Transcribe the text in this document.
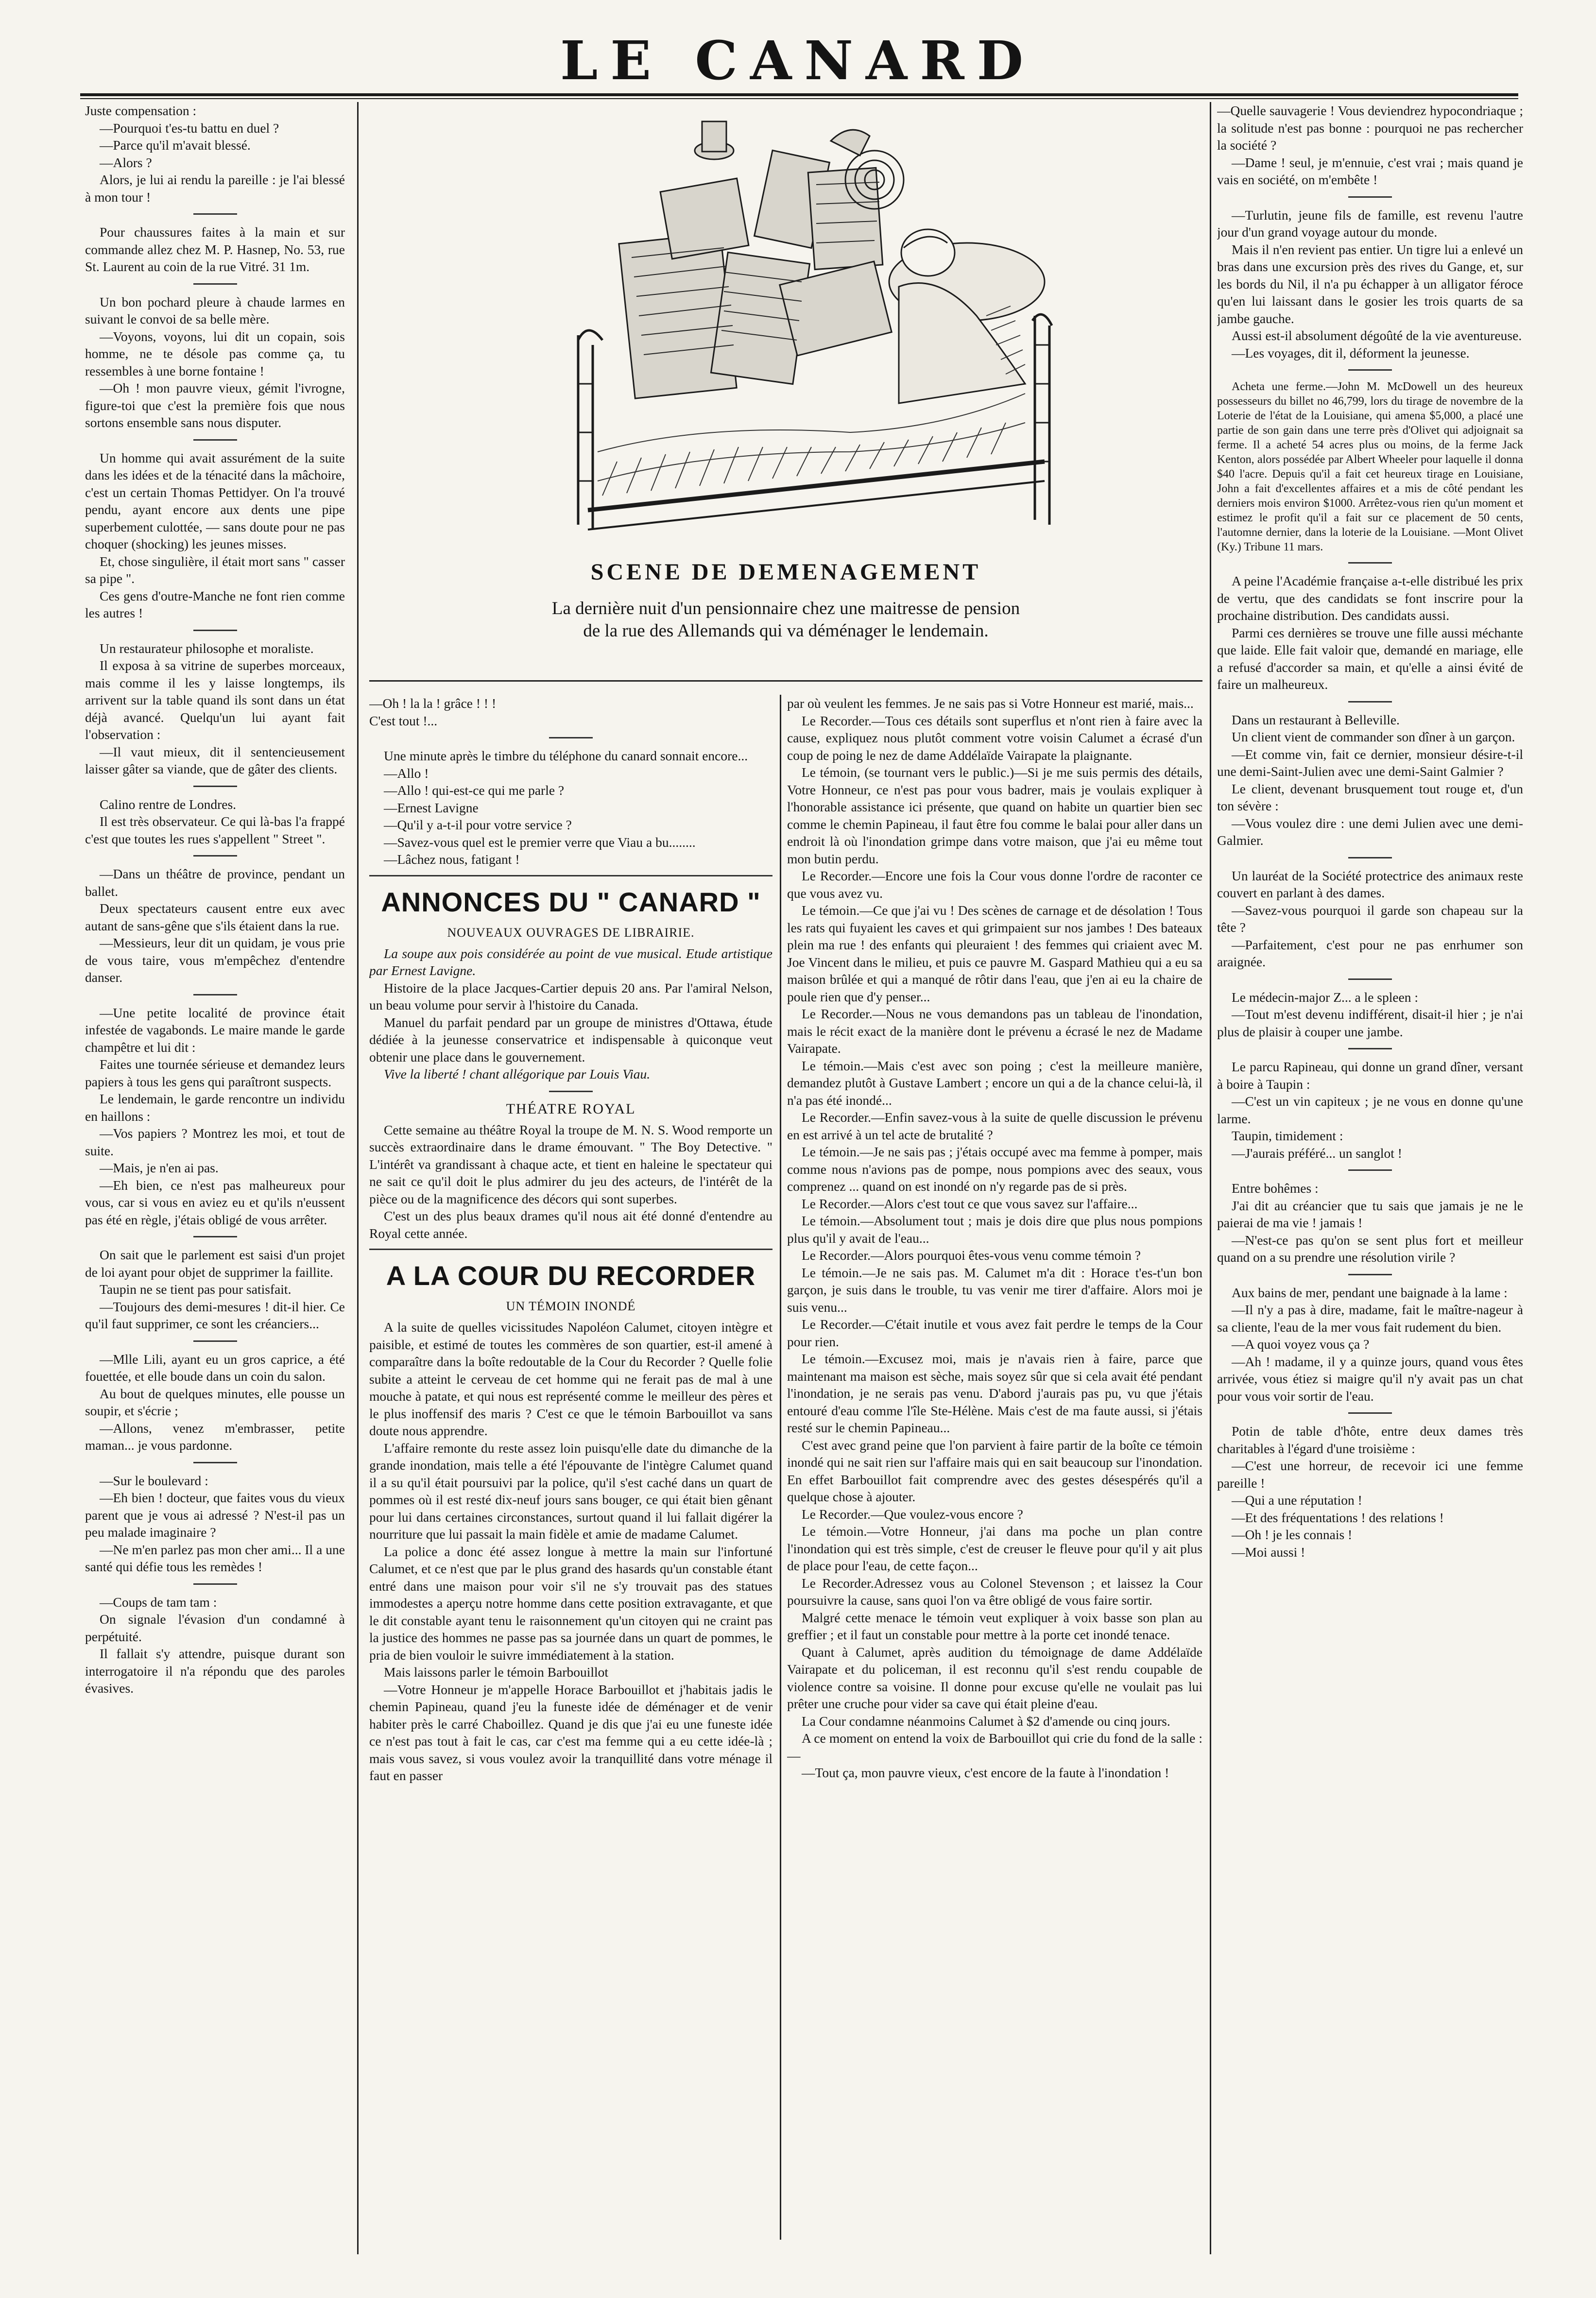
LE CANARD
SCENE DE DEMENAGEMENT
La dernière nuit d'un pensionnaire chez une maitresse de pension
de la rue des Allemands qui va déménager le lendemain.

Juste compensation :

—Pourquoi t'es-tu battu en duel ?

—Parce qu'il m'avait blessé.

—Alors ?

Alors, je lui ai rendu la pareille : je l'ai blessé à mon tour !

Pour chaussures faites à la main et sur commande allez chez M. P. Hasnep, No. 53, rue St. Laurent au coin de la rue Vitré. 31 1m.

Un bon pochard pleure à chaude larmes en suivant le convoi de sa belle mère.

—Voyons, voyons, lui dit un copain, sois homme, ne te désole pas comme ça, tu ressembles à une borne fontaine !

—Oh ! mon pauvre vieux, gémit l'ivrogne, figure-toi que c'est la première fois que nous sortons ensemble sans nous disputer.

Un homme qui avait assurément de la suite dans les idées et de la ténacité dans la mâchoire, c'est un certain Thomas Pettidyer. On l'a trouvé pendu, ayant encore aux dents une pipe superbement culottée, — sans doute pour ne pas choquer (shocking) les jeunes misses.

Et, chose singulière, il était mort sans " casser sa pipe ".

Ces gens d'outre-Manche ne font rien comme les autres !

Un restaurateur philosophe et moraliste.

Il exposa à sa vitrine de superbes morceaux, mais comme il les y laisse longtemps, ils arrivent sur la table quand ils sont dans un état déjà avancé. Quelqu'un lui ayant fait l'observation :

—Il vaut mieux, dit il sentencieusement laisser gâter sa viande, que de gâter des clients.

Calino rentre de Londres.

Il est très observateur. Ce qui là-bas l'a frappé c'est que toutes les rues s'appellent " Street ".

—Dans un théâtre de province, pendant un ballet.

Deux spectateurs causent entre eux avec autant de sans-gêne que s'ils étaient dans la rue.

—Messieurs, leur dit un quidam, je vous prie de vous taire, vous m'empêchez d'entendre danser.

—Une petite localité de province était infestée de vagabonds. Le maire mande le garde champêtre et lui dit :

Faites une tournée sérieuse et demandez leurs papiers à tous les gens qui paraîtront suspects.

Le lendemain, le garde rencontre un individu en haillons :

—Vos papiers ? Montrez les moi, et tout de suite.

—Mais, je n'en ai pas.

—Eh bien, ce n'est pas malheureux pour vous, car si vous en aviez eu et qu'ils n'eussent pas été en règle, j'étais obligé de vous arrêter.

On sait que le parlement est saisi d'un projet de loi ayant pour objet de supprimer la faillite.

Taupin ne se tient pas pour satisfait.

—Toujours des demi-mesures ! dit-il hier. Ce qu'il faut supprimer, ce sont les créanciers...

—Mlle Lili, ayant eu un gros caprice, a été fouettée, et elle boude dans un coin du salon.

Au bout de quelques minutes, elle pousse un soupir, et s'écrie ;

—Allons, venez m'embrasser, petite maman... je vous pardonne.

—Sur le boulevard :

—Eh bien ! docteur, que faites vous du vieux parent que je vous ai adressé ? N'est-il pas un peu malade imaginaire ?

—Ne m'en parlez pas mon cher ami... Il a une santé qui défie tous les remèdes !

—Coups de tam tam :

On signale l'évasion d'un condamné à perpétuité.

Il fallait s'y attendre, puisque durant son interrogatoire il n'a répondu que des paroles évasives.

—Oh ! la la ! grâce ! ! !

C'est tout !...

Une minute après le timbre du téléphone du canard sonnait encore...

—Allo !

—Allo ! qui-est-ce qui me parle ?

—Ernest Lavigne

—Qu'il y a-t-il pour votre service ?

—Savez-vous quel est le premier verre que Viau a bu........

—Lâchez nous, fatigant !

ANNONCES DU " CANARD "
NOUVEAUX OUVRAGES DE LIBRAIRIE.

La soupe aux pois considérée au point de vue musical. Etude artistique par Ernest Lavigne.

Histoire de la place Jacques-Cartier depuis 20 ans. Par l'amiral Nelson, un beau volume pour servir à l'histoire du Canada.

Manuel du parfait pendard par un groupe de ministres d'Ottawa, étude dédiée à la jeunesse conservatrice et indispensable à quiconque veut obtenir une place dans le gouvernement.

Vive la liberté ! chant allégorique par Louis Viau.

THÉATRE ROYAL

Cette semaine au théâtre Royal la troupe de M. N. S. Wood remporte un succès extraordinaire dans le drame émouvant. " The Boy Detective. " L'intérêt va grandissant à chaque acte, et tient en haleine le spectateur qui ne sait ce qu'il doit le plus admirer du jeu des acteurs, de l'intérêt de la pièce ou de la magnificence des décors qui sont superbes.

C'est un des plus beaux drames qu'il nous ait été donné d'entendre au Royal cette année.

A LA COUR DU RECORDER
UN TÉMOIN INONDÉ

A la suite de quelles vicissitudes Napoléon Calumet, citoyen intègre et paisible, et estimé de toutes les commères de son quartier, est-il amené à comparaître dans la boîte redoutable de la Cour du Recorder ? Quelle folie subite a atteint le cerveau de cet homme qui ne ferait pas de mal à une mouche à patate, et qui nous est représenté comme le meilleur des pères et le plus inoffensif des maris ? C'est ce que le témoin Barbouillot va sans doute nous apprendre.

L'affaire remonte du reste assez loin puisqu'elle date du dimanche de la grande inondation, mais telle a été l'épouvante de l'intègre Calumet quand il a su qu'il était poursuivi par la police, qu'il s'est caché dans un quart de pommes où il est resté dix-neuf jours sans bouger, ce qui était bien gênant pour lui dans certaines circonstances, surtout quand il lui fallait digérer la nourriture que lui passait la main fidèle et amie de madame Calumet.

La police a donc été assez longue à mettre la main sur l'infortuné Calumet, et ce n'est que par le plus grand des hasards qu'un constable étant entré dans une maison pour voir s'il ne s'y trouvait pas des statues immodestes a aperçu notre homme dans cette position extravagante, et que le dit constable ayant tenu le raisonnement qu'un citoyen qui ne craint pas la justice des hommes ne passe pas sa journée dans un quart de pommes, le pria de bien vouloir le suivre immédiatement à la station.

Mais laissons parler le témoin Barbouillot

—Votre Honneur je m'appelle Horace Barbouillot et j'habitais jadis le chemin Papineau, quand j'eu la funeste idée de déménager et de venir habiter près le carré Chaboillez. Quand je dis que j'ai eu une funeste idée ce n'est pas tout à fait le cas, car c'est ma femme qui a eu cette idée-là ; mais vous savez, si vous voulez avoir la tranquillité dans votre ménage il faut en passer

par où veulent les femmes. Je ne sais pas si Votre Honneur est marié, mais...

Le Recorder.—Tous ces détails sont superflus et n'ont rien à faire avec la cause, expliquez nous plutôt comment votre voisin Calumet a écrasé d'un coup de poing le nez de dame Addélaïde Vairapate la plaignante.

Le témoin, (se tournant vers le public.)—Si je me suis permis des détails, Votre Honneur, ce n'est pas pour vous badrer, mais je voulais expliquer à l'honorable assistance ici présente, que quand on habite un quartier bien sec comme le chemin Papineau, il faut être fou comme le balai pour aller dans un endroit là où l'inondation grimpe dans votre maison, que j'ai eu même tout mon butin perdu.

Le Recorder.—Encore une fois la Cour vous donne l'ordre de raconter ce que vous avez vu.

Le témoin.—Ce que j'ai vu ! Des scènes de carnage et de désolation ! Tous les rats qui fuyaient les caves et qui grimpaient sur nos jambes ! Des bateaux plein ma rue ! des enfants qui pleuraient ! des femmes qui criaient avec M. Joe Vincent dans le milieu, et puis ce pauvre M. Gaspard Mathieu qui a eu sa maison brûlée et qui a manqué de rôtir dans l'eau, que j'en ai eu la chaire de poule rien que d'y penser...

Le Recorder.—Nous ne vous demandons pas un tableau de l'inondation, mais le récit exact de la manière dont le prévenu a écrasé le nez de Madame Vairapate.

Le témoin.—Mais c'est avec son poing ; c'est la meilleure manière, demandez plutôt à Gustave Lambert ; encore un qui a de la chance celui-là, il n'a pas été inondé...

Le Recorder.—Enfin savez-vous à la suite de quelle discussion le prévenu en est arrivé à un tel acte de brutalité ?

Le témoin.—Je ne sais pas ; j'étais occupé avec ma femme à pomper, mais comme nous n'avions pas de pompe, nous pompions avec des seaux, vous comprenez ... quand on est inondé on n'y regarde pas de si près.

Le Recorder.—Alors c'est tout ce que vous savez sur l'affaire...

Le témoin.—Absolument tout ; mais je dois dire que plus nous pompions plus qu'il y avait de l'eau...

Le Recorder.—Alors pourquoi êtes-vous venu comme témoin ?

Le témoin.—Je ne sais pas. M. Calumet m'a dit : Horace t'es-t'un bon garçon, je suis dans le trouble, tu vas venir me tirer d'affaire. Alors moi je suis venu...

Le Recorder.—C'était inutile et vous avez fait perdre le temps de la Cour pour rien.

Le témoin.—Excusez moi, mais je n'avais rien à faire, parce que maintenant ma maison est sèche, mais soyez sûr que si cela avait été pendant l'inondation, je ne serais pas venu. D'abord j'aurais pas pu, vu que j'étais entouré d'eau comme l'île Ste-Hélène. Mais c'est de ma faute aussi, si j'étais resté sur le chemin Papineau...

C'est avec grand peine que l'on parvient à faire partir de la boîte ce témoin inondé qui ne sait rien sur l'affaire mais qui en sait beaucoup sur l'inondation. En effet Barbouillot fait comprendre avec des gestes désespérés qu'il a quelque chose à ajouter.

Le Recorder.—Que voulez-vous encore ?

Le témoin.—Votre Honneur, j'ai dans ma poche un plan contre l'inondation qui est très simple, c'est de creuser le fleuve pour qu'il y ait plus de place pour l'eau, de cette façon...

Le Recorder.Adressez vous au Colonel Stevenson ; et laissez la Cour poursuivre la cause, sans quoi l'on va être obligé de vous faire sortir.

Malgré cette menace le témoin veut expliquer à voix basse son plan au greffier ; et il faut un constable pour mettre à la porte cet inondé tenace.

Quant à Calumet, après audition du témoignage de dame Addélaïde Vairapate et du policeman, il est reconnu qu'il s'est rendu coupable de violence contre sa voisine. Il donne pour excuse qu'elle ne voulait pas lui prêter une cruche pour vider sa cave qui était pleine d'eau.

La Cour condamne néanmoins Calumet à $2 d'amende ou cinq jours.

A ce moment on entend la voix de Barbouillot qui crie du fond de la salle :—

—Tout ça, mon pauvre vieux, c'est encore de la faute à l'inondation !

—Quelle sauvagerie ! Vous deviendrez hypocondriaque ; la solitude n'est pas bonne : pourquoi ne pas rechercher la société ?

—Dame ! seul, je m'ennuie, c'est vrai ; mais quand je vais en société, on m'embête !

—Turlutin, jeune fils de famille, est revenu l'autre jour d'un grand voyage autour du monde.

Mais il n'en revient pas entier. Un tigre lui a enlevé un bras dans une excursion près des rives du Gange, et, sur les bords du Nil, il n'a pu échapper à un alligator féroce qu'en lui laissant dans le gosier les trois quarts de sa jambe gauche.

Aussi est-il absolument dégoûté de la vie aventureuse.

—Les voyages, dit il, déforment la jeunesse.

Acheta une ferme.—John M. McDowell un des heureux possesseurs du billet no 46,799, lors du tirage de novembre de la Loterie de l'état de la Louisiane, qui amena $5,000, a placé une partie de son gain dans une terre près d'Olivet qui adjoignait sa ferme. Il a acheté 54 acres plus ou moins, de la ferme Jack Kenton, alors possédée par Albert Wheeler pour laquelle il donna $40 l'acre. Depuis qu'il a fait cet heureux tirage en Louisiane, John a fait d'excellentes affaires et a mis de côté pendant les derniers mois environ $1000. Arrêtez-vous rien qu'un moment et estimez le profit qu'il a fait sur ce placement de 50 cents, l'automne dernier, dans la loterie de la Louisiane. —Mont Olivet (Ky.) Tribune 11 mars.

A peine l'Académie française a-t-elle distribué les prix de vertu, que des candidats se font inscrire pour la prochaine distribution. Des candidats aussi.

Parmi ces dernières se trouve une fille aussi méchante que laide. Elle fait valoir que, demandé en mariage, elle a refusé d'accorder sa main, et qu'elle a ainsi évité de faire un malheureux.

Dans un restaurant à Belleville.

Un client vient de commander son dîner à un garçon.

—Et comme vin, fait ce dernier, monsieur désire-t-il une demi-Saint-Julien avec une demi-Saint Galmier ?

Le client, devenant brusquement tout rouge et, d'un ton sévère :

—Vous voulez dire : une demi Julien avec une demi-Galmier.

Un lauréat de la Société protectrice des animaux reste couvert en parlant à des dames.

—Savez-vous pourquoi il garde son chapeau sur la tête ?

—Parfaitement, c'est pour ne pas enrhumer son araignée.

Le médecin-major Z... a le spleen :

—Tout m'est devenu indifférent, disait-il hier ; je n'ai plus de plaisir à couper une jambe.

Le parcu Rapineau, qui donne un grand dîner, versant à boire à Taupin :

—C'est un vin capiteux ; je ne vous en donne qu'une larme.

Taupin, timidement :

—J'aurais préféré... un sanglot !

Entre bohêmes :

J'ai dit au créancier que tu sais que jamais je ne le paierai de ma vie ! jamais !

—N'est-ce pas qu'on se sent plus fort et meilleur quand on a su prendre une résolution virile ?

Aux bains de mer, pendant une baignade à la lame :

—Il n'y a pas à dire, madame, fait le maître-nageur à sa cliente, l'eau de la mer vous fait rudement du bien.

—A quoi voyez vous ça ?

—Ah ! madame, il y a quinze jours, quand vous êtes arrivée, vous étiez si maigre qu'il n'y avait pas un chat pour vous voir sortir de l'eau.

Potin de table d'hôte, entre deux dames très charitables à l'égard d'une troisième :

—C'est une horreur, de recevoir ici une femme pareille !

—Qui a une réputation !

—Et des fréquentations ! des relations !

—Oh ! je les connais !

—Moi aussi !
